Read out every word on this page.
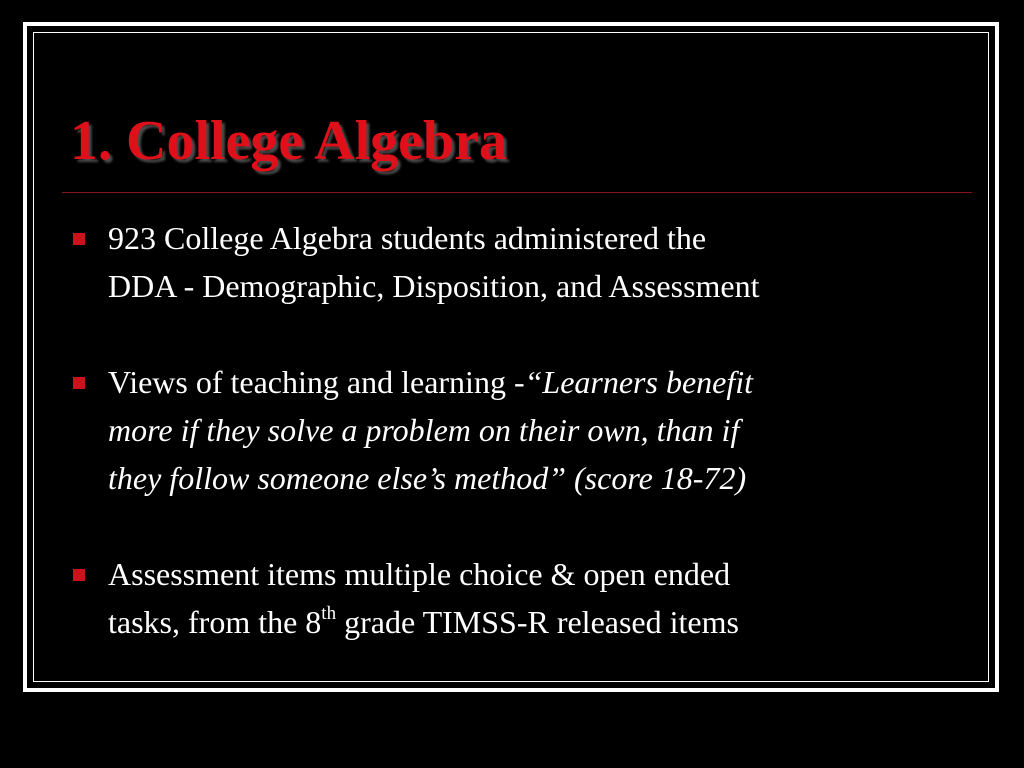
1. College Algebra
923 College Algebra students administered the
DDA - Demographic, Disposition, and Assessment
Views of teaching and learning -“Learners benefit
more if they solve a problem on their own, than if
they follow someone else’s method” (score 18-72)
Assessment items multiple choice & open ended
tasks, from the 8th grade TIMSS-R released items
